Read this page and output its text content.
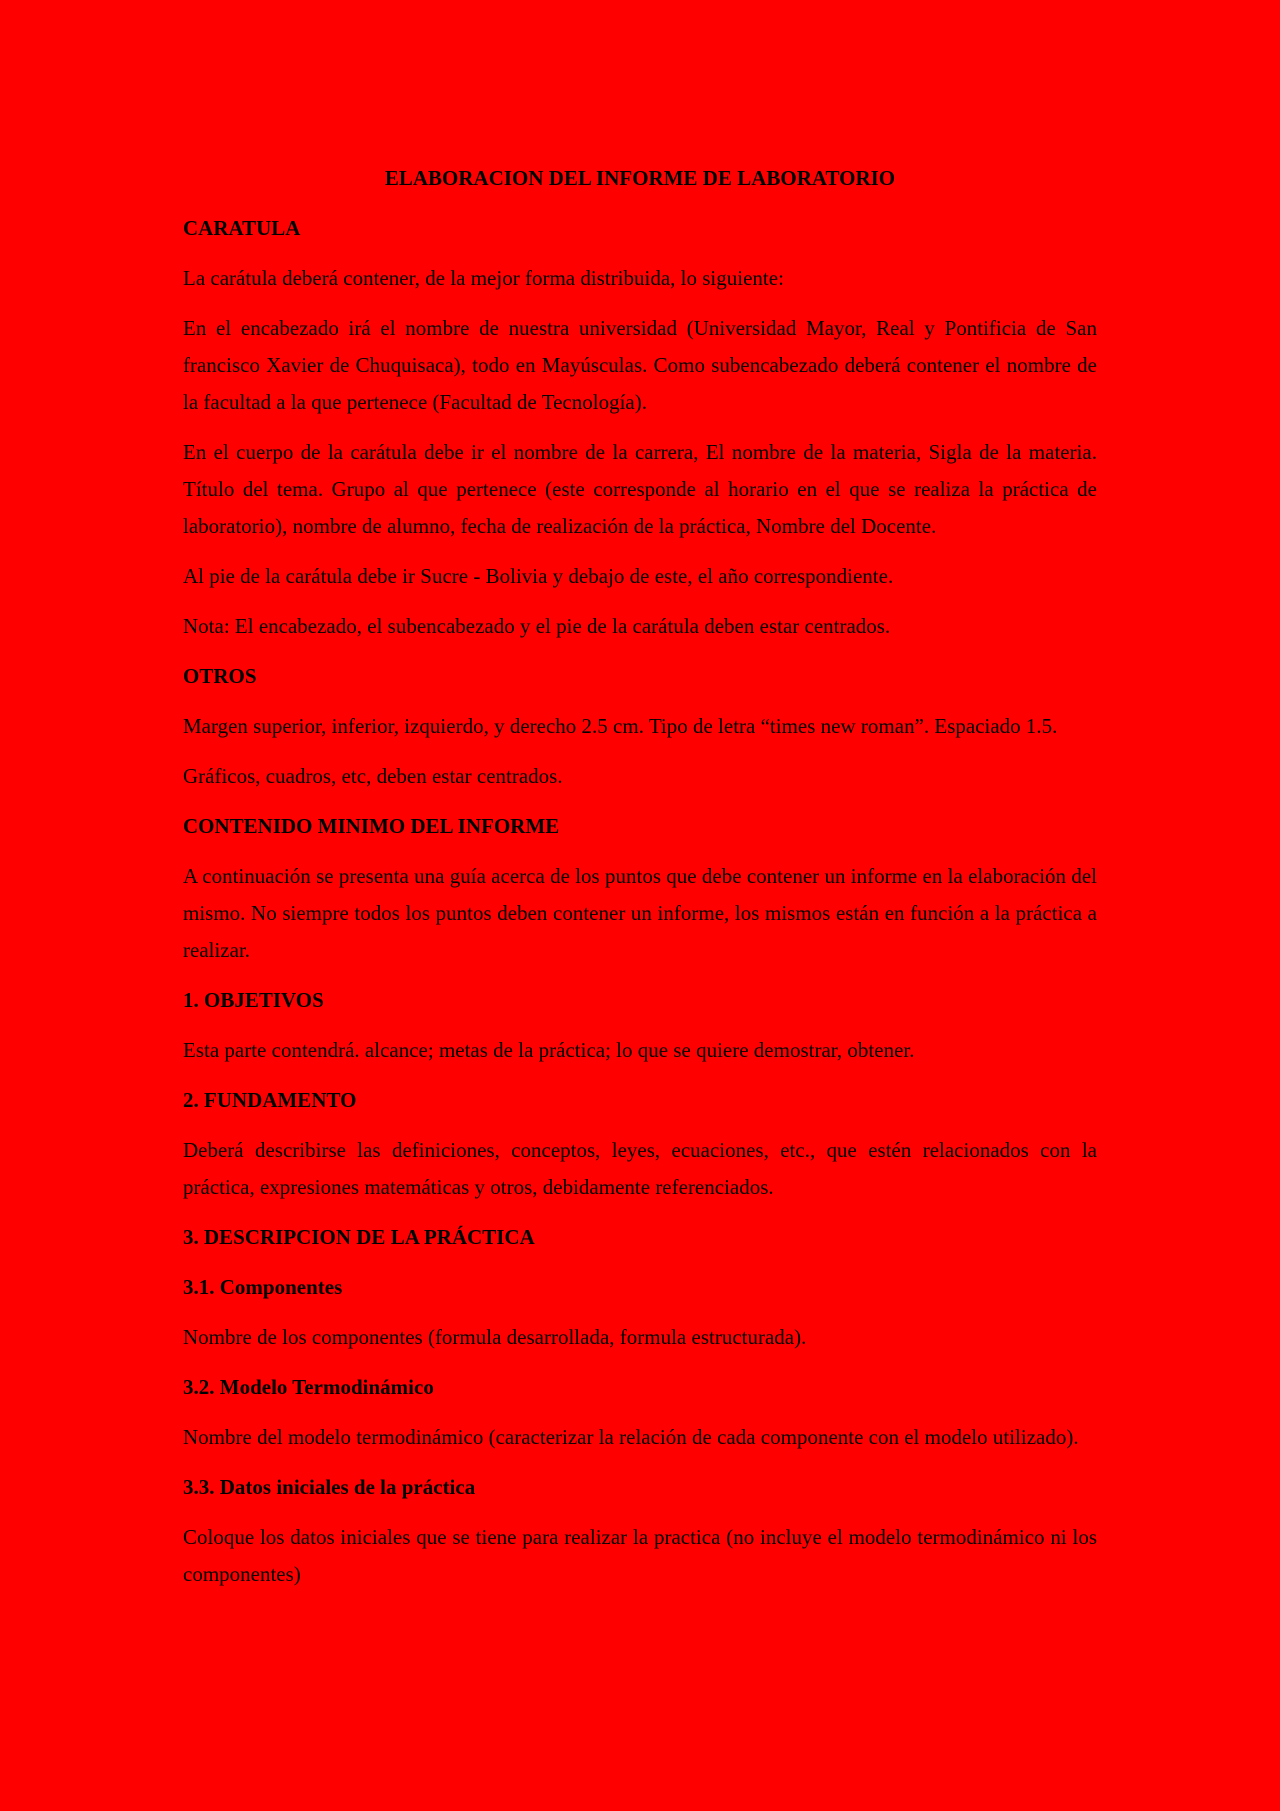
ELABORACION DEL INFORME DE LABORATORIO
CARATULA
La carátula deberá contener, de la mejor forma distribuida, lo siguiente:
En el encabezado irá el nombre de nuestra universidad (Universidad Mayor, Real y Pontificia de San francisco Xavier de Chuquisaca), todo en Mayúsculas. Como subencabezado deberá contener el nombre de la facultad a la que pertenece (Facultad de Tecnología).
En el cuerpo de la carátula debe ir el nombre de la carrera, El nombre de la materia, Sigla de la materia. Título del tema. Grupo al que pertenece (este corresponde al horario en el que se realiza la práctica de laboratorio), nombre de alumno, fecha de realización de la práctica, Nombre del Docente.
Al pie de la carátula debe ir Sucre - Bolivia y debajo de este, el año correspondiente.
Nota: El encabezado, el subencabezado y el pie de la carátula deben estar centrados.
OTROS
Margen superior, inferior, izquierdo, y derecho 2.5 cm. Tipo de letra “times new roman”. Espaciado 1.5.
Gráficos, cuadros, etc, deben estar centrados.
CONTENIDO MINIMO DEL INFORME
A continuación se presenta una guía acerca de los puntos que debe contener un informe en la elaboración del mismo. No siempre todos los puntos deben contener un informe, los mismos están en función a la práctica a realizar.
1. OBJETIVOS
Esta parte contendrá. alcance; metas de la práctica; lo que se quiere demostrar, obtener.
2. FUNDAMENTO
Deberá describirse las definiciones, conceptos, leyes, ecuaciones, etc., que estén relacionados con la práctica, expresiones matemáticas y otros, debidamente referenciados.
3. DESCRIPCION DE LA PRÁCTICA
3.1. Componentes
Nombre de los componentes (formula desarrollada, formula estructurada).
3.2. Modelo Termodinámico
Nombre del modelo termodinámico (caracterizar la relación de cada componente con el modelo utilizado).
3.3. Datos iniciales de la práctica
Coloque los datos iniciales que se tiene para realizar la practica (no incluye el modelo termodinámico ni los componentes)
